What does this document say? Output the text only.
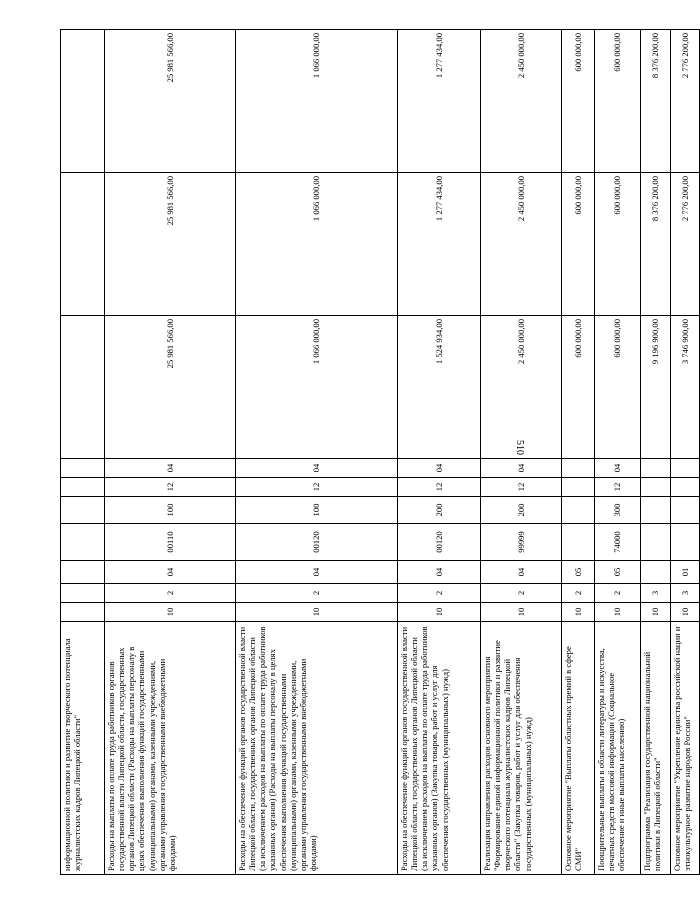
510
информационной политики и развитие творческого потенциала журналистских кадров Липецкой области"										
Расходы на выплаты по оплате труда работников органов государственной власти Липецкой области, государственных органов Липецкой области (Расходы на выплаты персоналу в целях обеспечения выполнения функций государственными (муниципальными) органами, казенными учреждениями, органами управления государственными внебюджетными фондами)	10	2	04	00110	100	12	04	25 981 566,00	25 981 566,00	25 981 566,00
Расходы на обеспечение функций органов государственной власти Липецкой области, государственных органов Липецкой области (за исключением расходов на выплаты по оплате труда работников указанных органов) (Расходы на выплаты персоналу в целях обеспечения выполнения функций государственными (муниципальными) органами, казенными учреждениями, органами управления государственными внебюджетными фондами)	10	2	04	00120	100	12	04	1 066 000,00	1 066 000,00	1 066 000,00
Расходы на обеспечение функций органов государственной власти Липецкой области, государственных органов Липецкой области (за исключением расходов на выплаты по оплате труда работников указанных органов) (Закупка товаров, работ и услуг для обеспечения государственных (муниципальных) нужд)	10	2	04	00120	200	12	04	1 524 934,00	1 277 434,00	1 277 434,00
Реализация направления расходов основного мероприятия "Формирование единой информационной политики и развитие творческого потенциала журналистских кадров Липецкой области" (Закупка товаров, работ и услуг для обеспечения государственных (муниципальных) нужд)	10	2	04	99999	200	12	04	2 450 000,00	2 450 000,00	2 450 000,00
Основное мероприятие "Выплаты областных премий в сфере СМИ"	10	2	05					600 000,00	600 000,00	600 000,00
Поощрительные выплаты в области литературы и искусства, печатных средств массовой информации (Социальное обеспечение и иные выплаты населению)	10	2	05	74000	300	12	04	600 000,00	600 000,00	600 000,00
Подпрограмма "Реализация государственной национальной политики в Липецкой области"	10	3						9 196 900,00	8 376 200,00	8 376 200,00
Основное мероприятие "Укрепление единства российской нации и этнокультурное развитие народов России"	10	3	01					3 746 900,00	2 776 200,00	2 776 200,00
